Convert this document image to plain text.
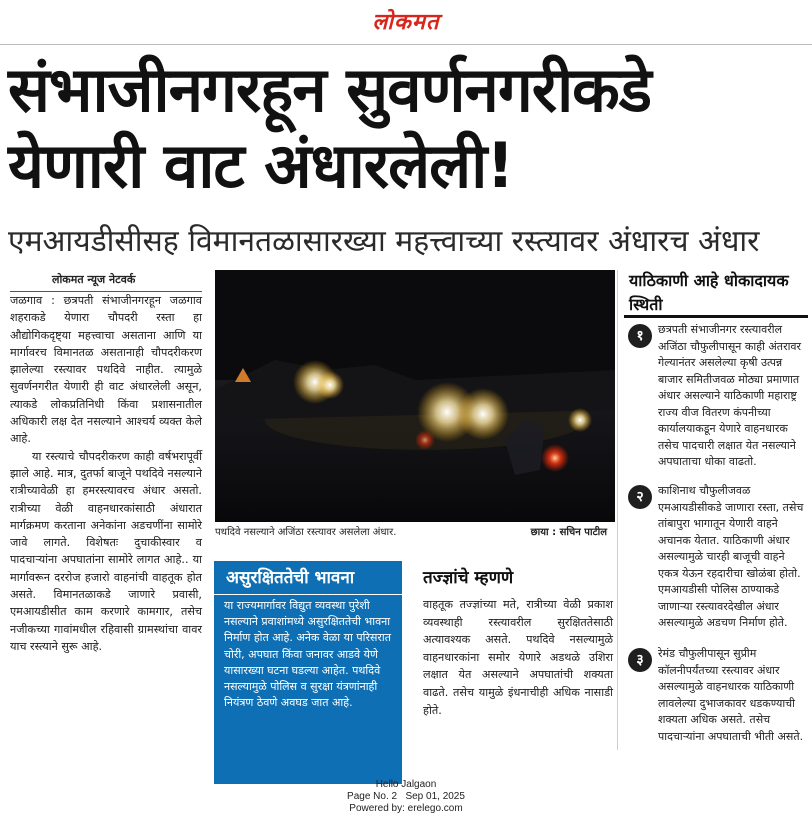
लोकमत
संभाजीनगरहून सुवर्णनगरीकडे
येणारी वाट अंधारलेली!
एमआयडीसीसह विमानतळासारख्या महत्त्वाच्या रस्त्यावर अंधारच अंधार
लोकमत न्यूज नेटवर्क

जळगाव : छत्रपती संभाजीनगरहून जळगाव शहराकडे येणारा चौपदरी रस्ता हा औद्योगिकदृष्ट्या महत्त्वाचा असताना आणि या मार्गावरच विमानतळ असतानाही चौपदरीकरण झालेल्या रस्त्यावर पथदिवे नाहीत. त्यामुळे सुवर्णनगरीत येणारी ही वाट अंधारलेली असून, त्याकडे लोकप्रतिनिधी किंवा प्रशासनातील अधिकारी लक्ष देत नसल्याने आश्चर्य व्यक्त केले आहे.

या रस्त्याचे चौपदरीकरण काही वर्षभरापूर्वी झाले आहे. मात्र, दुतर्फा बाजूने पथदिवे नसल्याने रात्रीच्यावेळी हा हमरस्त्यावरच अंधार असतो. रात्रीच्या वेळी वाहनधारकांसाठी अंधारात मार्गक्रमण करताना अनेकांना अडचणींना सामोरे जावे लागते. विशेषतः दुचाकीस्वार व पादचाऱ्यांना अपघातांना सामोरे लागत आहे.. या मार्गावरून दररोज हजारो वाहनांची वाहतूक होत असते. विमानतळाकडे जाणारे प्रवासी, एमआयडीसीत काम करणारे कामगार, तसेच नजीकच्या गावांमधील रहिवासी ग्रामस्थांचा वावर याच रस्त्याने सुरू आहे.

पथदिवे नसल्याने अजिंठा रस्त्यावर असलेला अंधार.	छाया : सचिन पाटील
असुरक्षिततेची भावना
या राज्यमार्गावर विद्युत व्यवस्था पुरेशी नसल्याने प्रवाशांमध्ये असुरक्षिततेची भावना निर्माण होत आहे. अनेक वेळा या परिसरात चोरी, अपघात किंवा जनावर आडवे येणे यासारख्या घटना घडल्या आहेत. पथदिवे नसल्यामुळे पोलिस व सुरक्षा यंत्रणांनाही नियंत्रण ठेवणे अवघड जात आहे.
तज्ज्ञांचे म्हणणे
वाहतूक तज्ज्ञांच्या मते, रात्रीच्या वेळी प्रकाश व्यवस्थाही रस्त्यावरील सुरक्षिततेसाठी अत्यावश्यक असते. पथदिवे नसल्यामुळे वाहनधारकांना समोर येणारे अडथळे उशिरा लक्षात येत असल्याने अपघातांची शक्यता वाढते. तसेच यामुळे इंधनाचीही अधिक नासाडी होते.
याठिकाणी आहे धोकादायक स्थिती
१	छत्रपती संभाजीनगर रस्त्यावरील अजिंठा चौफुलीपासून काही अंतरावर गेल्यानंतर असलेल्या कृषी उत्पन्न बाजार समितीजवळ मोठ्या प्रमाणात अंधार असल्याने याठिकाणी महाराष्ट्र राज्य वीज वितरण कंपनीच्या कार्यालयाकडून येणारे वाहनधारक तसेच पादचारी लक्षात येत नसल्याने अपघाताचा धोका वाढतो.
२	काशिनाथ चौफुलीजवळ एमआयडीसीकडे जाणारा रस्ता, तसेच तांबापुरा भागातून येणारी वाहने अचानक येतात. याठिकाणी अंधार असल्यामुळे चारही बाजूची वाहने एकत्र येऊन रहदारीचा खोळंबा होतो. एमआयडीसी पोलिस ठाण्याकडे जाणाऱ्या रस्त्यावरदेखील अंधार असल्यामुळे अडचण निर्माण होते.
३	रेमंड चौफुलीपासून सुप्रीम कॉलनीपर्यंतच्या रस्त्यावर अंधार असल्यामुळे वाहनधारक याठिकाणी लावलेल्या दुभाजकावर धडकण्याची शक्यता अधिक असते. तसेच पादचाऱ्यांना अपघाताची भीती असते.
Hello Jalgaon
Page No. 2 Sep 01, 2025
Powered by: erelego.com
